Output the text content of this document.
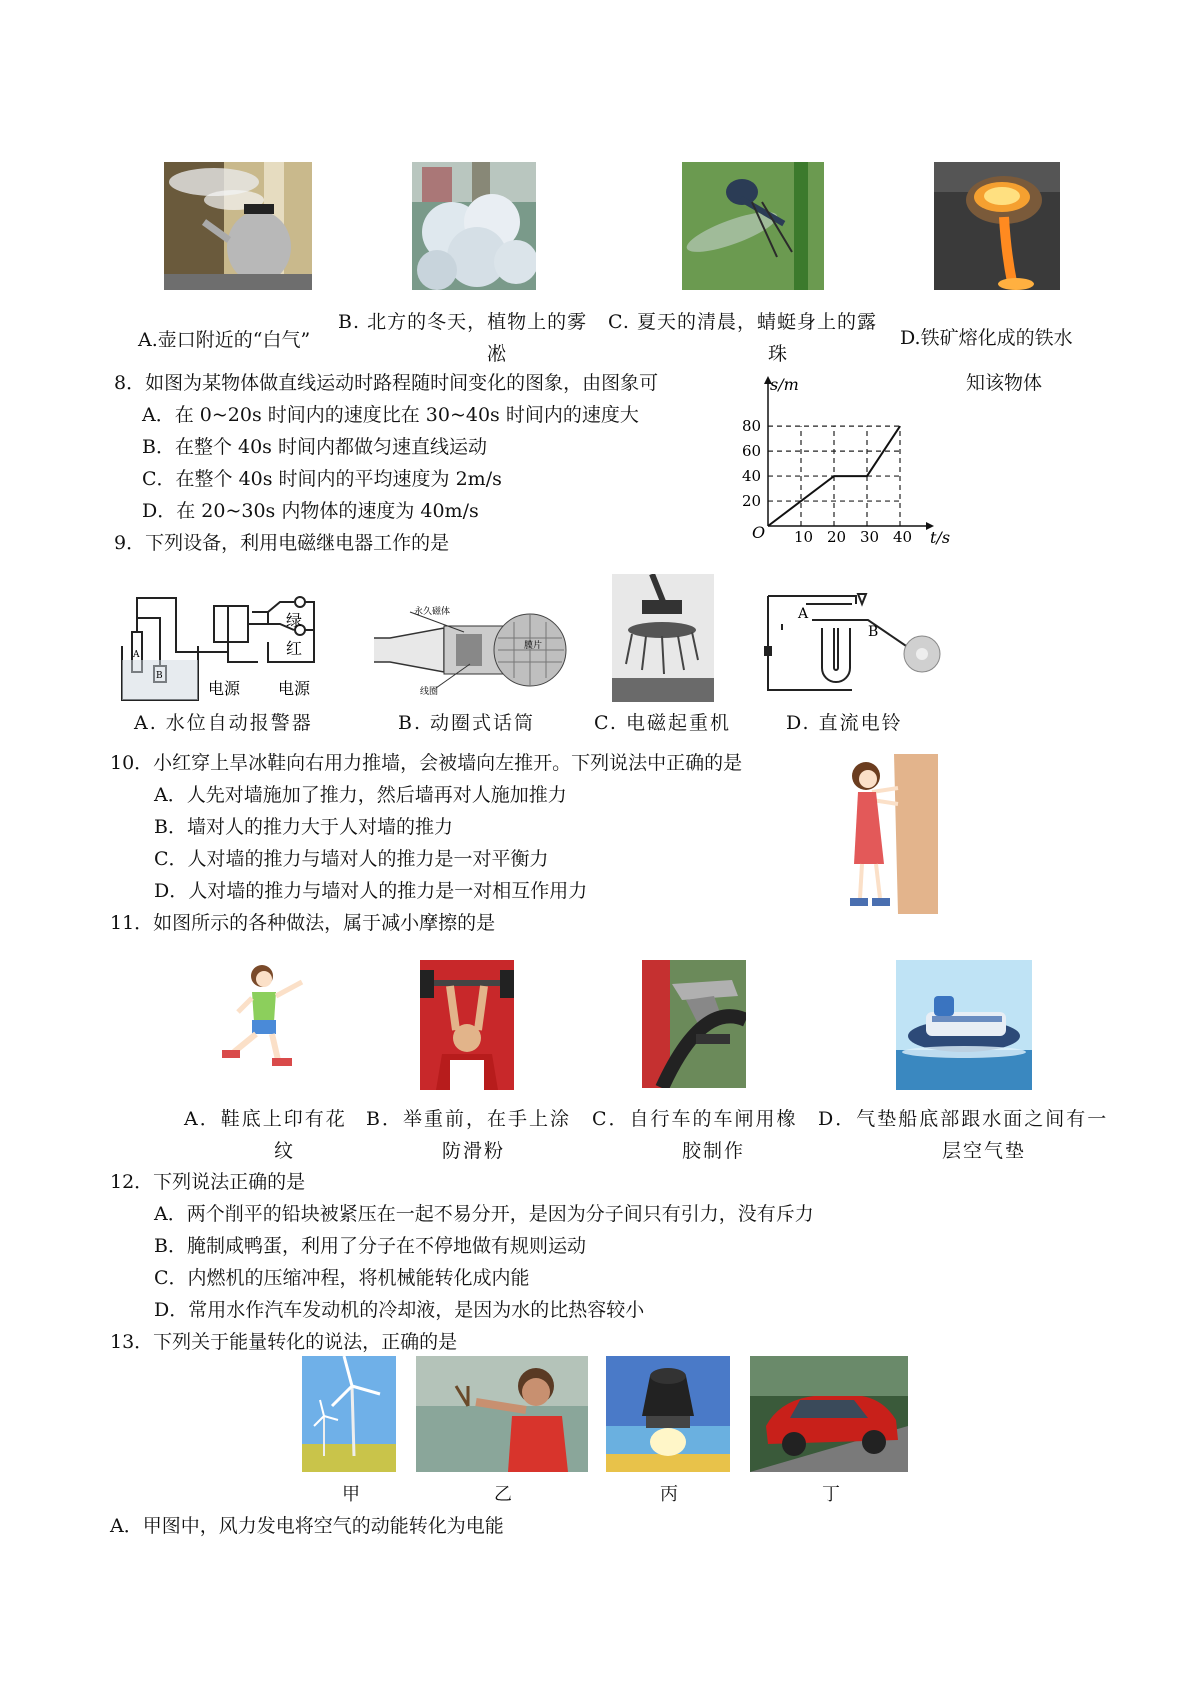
A.壶口附近的“白气”
B. 北方的冬天，植物上的雾
凇
C. 夏天的清晨，蜻蜓身上的露
珠
D.铁矿熔化成的铁水
8．如图为某物体做直线运动时路程随时间变化的图象，由图象可	知该物体
A．在 0~20s 时间内的速度比在 30~40s 时间内的速度大
B．在整个 40s 时间内都做匀速直线运动
C．在整个 40s 时间内的平均速度为 2m/s
D．在 20~30s 内物体的速度为 40m/s
10 20 30 40
20
40
60
80
s/m
t/s
O
9．下列设备，利用电磁继电器工作的是
绿
红
A
B
电源 电源
永久磁体
线圈
膜片
A
B
A. 水位自动报警器	B. 动圈式话筒	C. 电磁起重机	D. 直流电铃
10．小红穿上旱冰鞋向右用力推墙，会被墙向左推开。下列说法中正确的是
A．人先对墙施加了推力，然后墙再对人施加推力
B．墙对人的推力大于人对墙的推力
C．人对墙的推力与墙对人的推力是一对平衡力
D．人对墙的推力与墙对人的推力是一对相互作用力
11．如图所示的各种做法，属于减小摩擦的是
A．鞋底上印有花
纹
B．举重前，在手上涂
防滑粉
C．自行车的车闸用橡
胶制作
D．气垫船底部跟水面之间有一
层空气垫
12．下列说法正确的是
A．两个削平的铅块被紧压在一起不易分开，是因为分子间只有引力，没有斥力
B．腌制咸鸭蛋，利用了分子在不停地做有规则运动
C．内燃机的压缩冲程，将机械能转化成内能
D．常用水作汽车发动机的冷却液，是因为水的比热容较小
13．下列关于能量转化的说法，正确的是
甲	乙	丙	丁
A．甲图中，风力发电将空气的动能转化为电能
